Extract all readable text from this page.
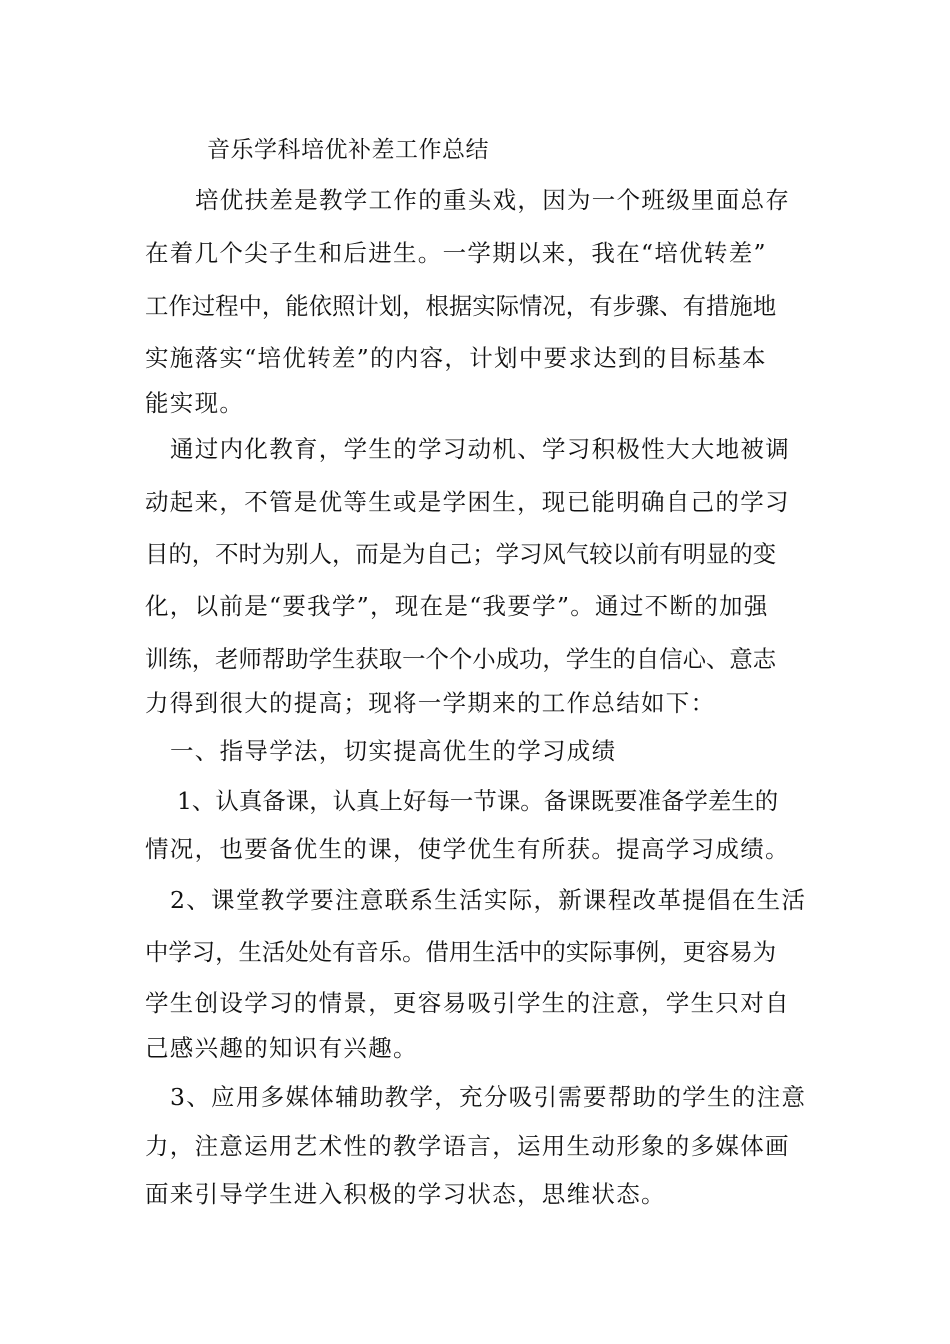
音乐学科培优补差工作总结
培优扶差是教学工作的重头戏，因为一个班级里面总存
在着几个尖子生和后进生。一学期以来，我在“培优转差”
工作过程中，能依照计划，根据实际情况，有步骤、有措施地
实施落实“培优转差”的内容，计划中要求达到的目标基本
能实现。
通过内化教育，学生的学习动机、学习积极性大大地被调
动起来，不管是优等生或是学困生，现已能明确自己的学习
目的，不时为别人，而是为自己；学习风气较以前有明显的变
化，以前是“要我学”，现在是“我要学”。通过不断的加强
训练，老师帮助学生获取一个个小成功，学生的自信心、意志
力得到很大的提高；现将一学期来的工作总结如下：
一、指导学法，切实提高优生的学习成绩
1、认真备课，认真上好每一节课。备课既要准备学差生的
情况，也要备优生的课，使学优生有所获。提高学习成绩。
2、课堂教学要注意联系生活实际，新课程改革提倡在生活
中学习，生活处处有音乐。借用生活中的实际事例，更容易为
学生创设学习的情景，更容易吸引学生的注意，学生只对自
己感兴趣的知识有兴趣。
3、应用多媒体辅助教学，充分吸引需要帮助的学生的注意
力，注意运用艺术性的教学语言，运用生动形象的多媒体画
面来引导学生进入积极的学习状态，思维状态。
